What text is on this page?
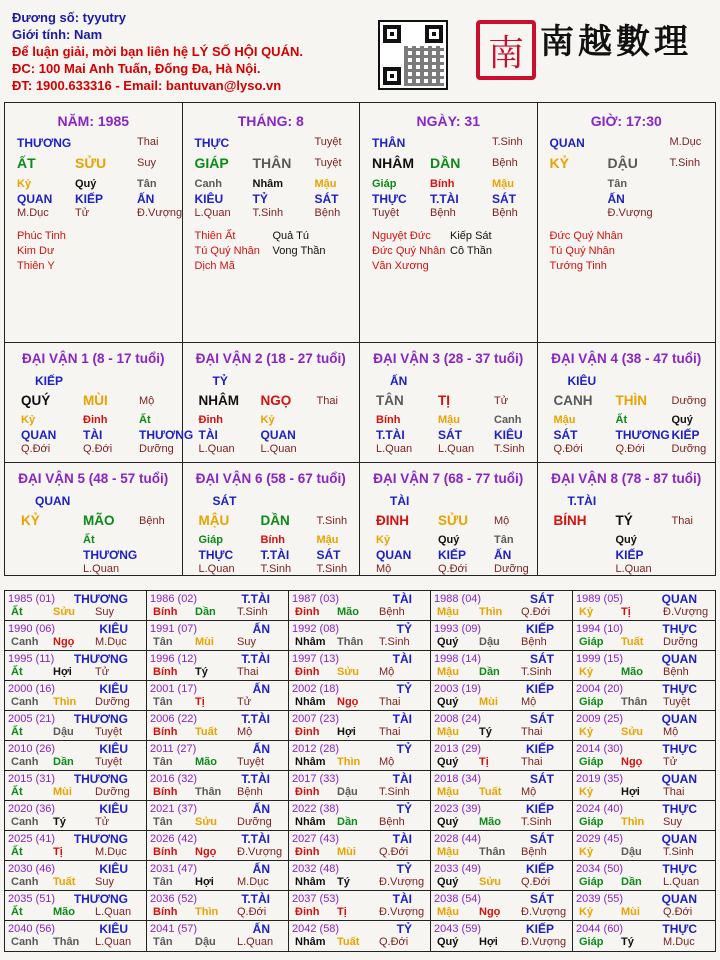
Đương số: tyyutry
Giới tính: Nam
Để luận giải, mời bạn liên hệ LÝ SỐ HỘI QUÁN.
ĐC: 100 Mai Anh Tuấn, Đống Đa, Hà Nội.
ĐT: 1900.633316 - Email: bantuvan@lyso.vn
南 南越數理
NĂM: 1985
THƯƠNG	Thai
ẤT	SỬU	Suy
Kỷ
QUAN
M.Dục
Quý
KIẾP
Tử
Tân
ẤN
Đ.Vượng
Phúc Tinh
Kim Dư
Thiên Y
THÁNG: 8
THỰC	Tuyệt
GIÁP THÂN Tuyệt
Canh
KIÊU
L.Quan
Nhâm
TỶ
T.Sinh
Mậu
SÁT
Bệnh
Thiên Ất
Tú Quý Nhân
Dịch Mã
Quả Tú
Vong Thần
NGÀY: 31
THÂN	T.Sinh
NHÂM DẦN	Bệnh
Giáp
THỰC
Tuyệt
Bính
T.TÀI
Bệnh
Mậu
SÁT
Bệnh
Nguyệt Đức
Đức Quý Nhân
Văn Xương
Kiếp Sát
Cô Thần
GIỜ: 17:30
QUAN	M.Dục
KỶ	DẬU	T.Sinh
Tân
ẤN
Đ.Vượng
Đức Quý Nhân
Tú Quý Nhân
Tướng Tinh
ĐẠI VẬN 1 (8 - 17 tuổi)
KIẾP
QUÝ MÙI	Mộ
Kỷ
QUAN
Q.Đới
Đinh
TÀI
Q.Đới
Ất
THƯƠNG
Dưỡng
ĐẠI VẬN 2 (18 - 27 tuổi)
TỶ
NHÂM NGỌ Thai
Đinh
TÀI
L.Quan
Kỷ
QUAN
L.Quan
ĐẠI VẬN 3 (28 - 37 tuổi)
ẤN
TÂN	TỊ	Tử
Bính
T.TÀI
L.Quan
Mậu
SÁT
L.Quan
Canh
KIÊU
T.Sinh
ĐẠI VẬN 4 (38 - 47 tuổi)
KIÊU
CANH THÌN Dưỡng
Mậu
SÁT
Q.Đới
Ất
THƯƠNG
Q.Đới
Quý
KIẾP
Dưỡng
ĐẠI VẬN 5 (48 - 57 tuổi)
QUAN
KỶ	MÃO Bệnh
Ất
THƯƠNG
L.Quan
ĐẠI VẬN 6 (58 - 67 tuổi)
SÁT
MẬU DẦN T.Sinh
Giáp
THỰC
L.Quan
Bính
T.TÀI
T.Sinh
Mậu
SÁT
T.Sinh
ĐẠI VẬN 7 (68 - 77 tuổi)
TÀI
ĐINH SỬU Mộ
Kỷ
QUAN
Mộ
Quý
KIẾP
Q.Đới
Tân
ẤN
Dưỡng
ĐẠI VẬN 8 (78 - 87 tuổi)
T.TÀI
BÍNH TÝ	Thai
Quý
KIẾP
L.Quan
1985 (01) THƯƠNG
Ất	Sửu Suy
1986 (02)	T.TÀI
Bính Dần T.Sinh
1987 (03)	TÀI
Đinh Mão Bệnh
1988 (04)	SÁT
Mậu Thìn Q.Đới
1989 (05)	QUAN
Kỷ	Tị	Đ.Vượng
1990 (06)	KIÊU
Canh Ngọ M.Dục
1991 (07)	ẤN
Tân Mùi Suy
1992 (08)	TỶ
Nhâm Thân T.Sinh
1993 (09)	KIẾP
Quý Dậu Bệnh
1994 (10)	THỰC
Giáp Tuất Dưỡng
1995 (11) THƯƠNG
Ất	Hợi Tử
1996 (12)	T.TÀI
Bính Tý	Thai
1997 (13)	TÀI
Đinh Sửu Mộ
1998 (14)	SÁT
Mậu Dần T.Sinh
1999 (15)	QUAN
Kỷ	Mão Bệnh
2000 (16)	KIÊU
Canh Thìn Dưỡng
2001 (17)	ẤN
Tân Tị	Tử
2002 (18)	TỶ
Nhâm Ngọ Thai
2003 (19)	KIẾP
Quý Mùi Mộ
2004 (20)	THỰC
Giáp Thân Tuyệt
2005 (21) THƯƠNG
Ất	Dậu Tuyệt
2006 (22)	T.TÀI
Bính Tuất Mộ
2007 (23)	TÀI
Đinh Hợi Thai
2008 (24)	SÁT
Mậu Tý	Thai
2009 (25)	QUAN
Kỷ	Sửu Mộ
2010 (26)	KIÊU
Canh Dần Tuyệt
2011 (27)	ẤN
Tân Mão Tuyệt
2012 (28)	TỶ
Nhâm Thìn Mộ
2013 (29)	KIẾP
Quý Tị	Thai
2014 (30)	THỰC
Giáp Ngọ Tử
2015 (31) THƯƠNG
Ất	Mùi Dưỡng
2016 (32)	T.TÀI
Bính Thân Bệnh
2017 (33)	TÀI
Đinh Dậu T.Sinh
2018 (34)	SÁT
Mậu Tuất Mộ
2019 (35)	QUAN
Kỷ	Hợi Thai
2020 (36)	KIÊU
Canh Tý	Tử
2021 (37)	ẤN
Tân Sửu Dưỡng
2022 (38)	TỶ
Nhâm Dần Bệnh
2023 (39)	KIẾP
Quý Mão T.Sinh
2024 (40)	THỰC
Giáp Thìn Suy
2025 (41) THƯƠNG
Ất	Tị	M.Dục
2026 (42)	T.TÀI
Bính Ngọ Đ.Vượng
2027 (43)	TÀI
Đinh Mùi Q.Đới
2028 (44)	SÁT
Mậu Thân Bệnh
2029 (45)	QUAN
Kỷ	Dậu T.Sinh
2030 (46)	KIÊU
Canh Tuất Suy
2031 (47)	ẤN
Tân Hợi M.Dục
2032 (48)	TỶ
Nhâm Tý	Đ.Vượng
2033 (49)	KIẾP
Quý Sửu Q.Đới
2034 (50)	THỰC
Giáp Dần L.Quan
2035 (51) THƯƠNG
Ất	Mão L.Quan
2036 (52)	T.TÀI
Bính Thìn Q.Đới
2037 (53)	TÀI
Đinh Tị	Đ.Vượng
2038 (54)	SÁT
Mậu Ngọ Đ.Vượng
2039 (55)	QUAN
Kỷ	Mùi Q.Đới
2040 (56)	KIÊU
Canh Thân L.Quan
2041 (57)	ẤN
Tân Dậu L.Quan
2042 (58)	TỶ
Nhâm Tuất Q.Đới
2043 (59)	KIẾP
Quý Hợi Đ.Vượng
2044 (60)	THỰC
Giáp Tý	M.Dục
